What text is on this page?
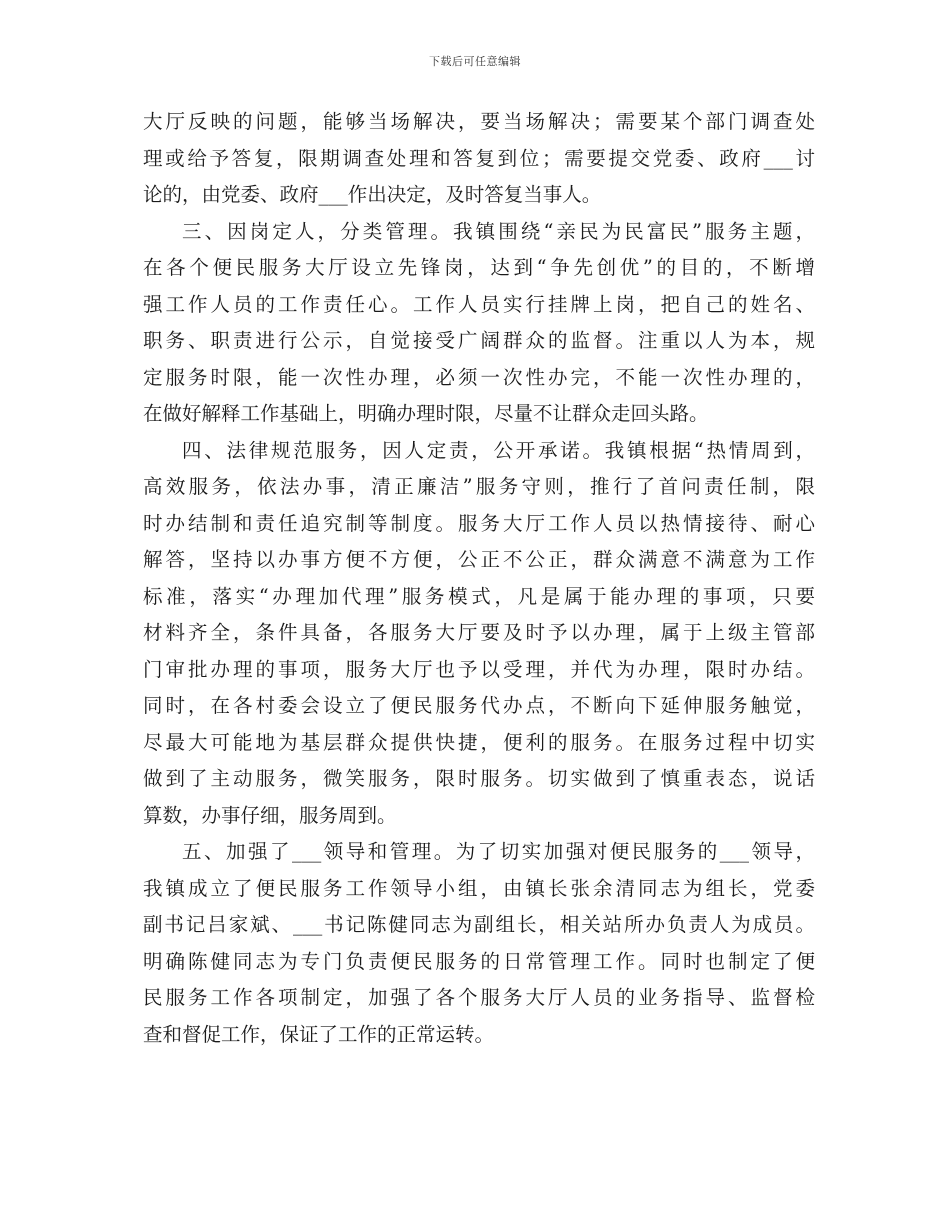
下载后可任意编辑
大厅反映的问题，能够当场解决，要当场解决；需要某个部门调查处
理或给予答复，限期调查处理和答复到位；需要提交党委、政府___讨
论的，由党委、政府___作出决定，及时答复当事人。
三、因岗定人，分类管理。我镇围绕“亲民为民富民”服务主题，
在各个便民服务大厅设立先锋岗，达到“争先创优”的目的，不断增
强工作人员的工作责任心。工作人员实行挂牌上岗，把自己的姓名、
职务、职责进行公示，自觉接受广阔群众的监督。注重以人为本，规
定服务时限，能一次性办理，必须一次性办完，不能一次性办理的，
在做好解释工作基础上，明确办理时限，尽量不让群众走回头路。
四、法律规范服务，因人定责，公开承诺。我镇根据“热情周到，
高效服务，依法办事，清正廉洁”服务守则，推行了首问责任制，限
时办结制和责任追究制等制度。服务大厅工作人员以热情接待、耐心
解答，坚持以办事方便不方便，公正不公正，群众满意不满意为工作
标准，落实“办理加代理”服务模式，凡是属于能办理的事项，只要
材料齐全，条件具备，各服务大厅要及时予以办理，属于上级主管部
门审批办理的事项，服务大厅也予以受理，并代为办理，限时办结。
同时，在各村委会设立了便民服务代办点，不断向下延伸服务触觉，
尽最大可能地为基层群众提供快捷，便利的服务。在服务过程中切实
做到了主动服务，微笑服务，限时服务。切实做到了慎重表态，说话
算数，办事仔细，服务周到。
五、加强了___领导和管理。为了切实加强对便民服务的___领导，
我镇成立了便民服务工作领导小组，由镇长张余清同志为组长，党委
副书记吕家斌、___书记陈健同志为副组长，相关站所办负责人为成员。
明确陈健同志为专门负责便民服务的日常管理工作。同时也制定了便
民服务工作各项制定，加强了各个服务大厅人员的业务指导、监督检
查和督促工作，保证了工作的正常运转。
